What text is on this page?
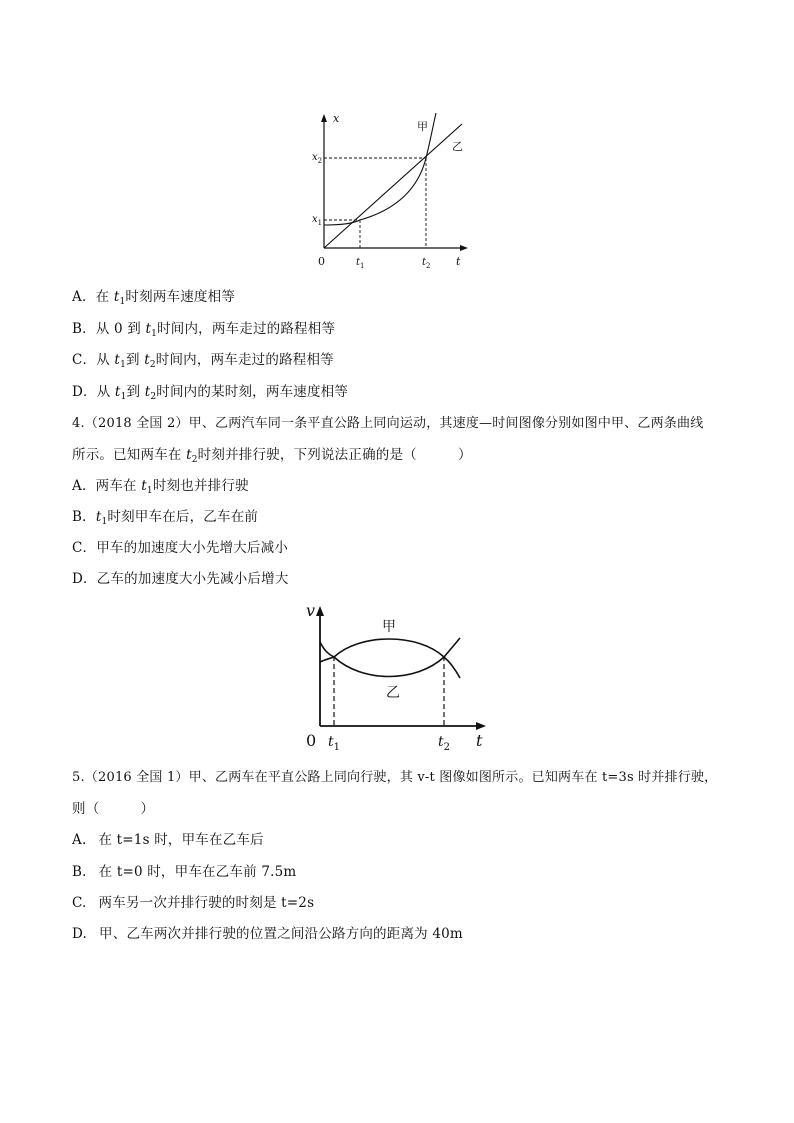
x
t
0
$x_2$
$x_1$
$t_1$	$t_2$
甲
乙
A．在 $t_1$时刻两车速度相等
B．从 0 到 $t_1$时间内，两车走过的路程相等
C．从 $t_1$到 $t_2$时间内，两车走过的路程相等
D．从 $t_1$到 $t_2$时间内的某时刻，两车速度相等
4.（2018 全国 2）甲、乙两汽车同一条平直公路上同向运动，其速度—时间图像分别如图中甲、乙两条曲线
所示。已知两车在 $t_2$时刻并排行驶，下列说法正确的是（　　　）
A．两车在 $t_1$时刻也并排行驶
B．$t_1$时刻甲车在后，乙车在前
C．甲车的加速度大小先增大后减小
D．乙车的加速度大小先减小后增大
v
t
0 $t_1$	$t_2$
甲
乙
5.（2016 全国 1）甲、乙两车在平直公路上同向行驶，其 v-t 图像如图所示。已知两车在 t=3s 时并排行驶，
则（　　　）
A. 在 t=1s 时，甲车在乙车后
B. 在 t=0 时，甲车在乙车前 7.5m
C. 两车另一次并排行驶的时刻是 t=2s
D. 甲、乙车两次并排行驶的位置之间沿公路方向的距离为 40m
